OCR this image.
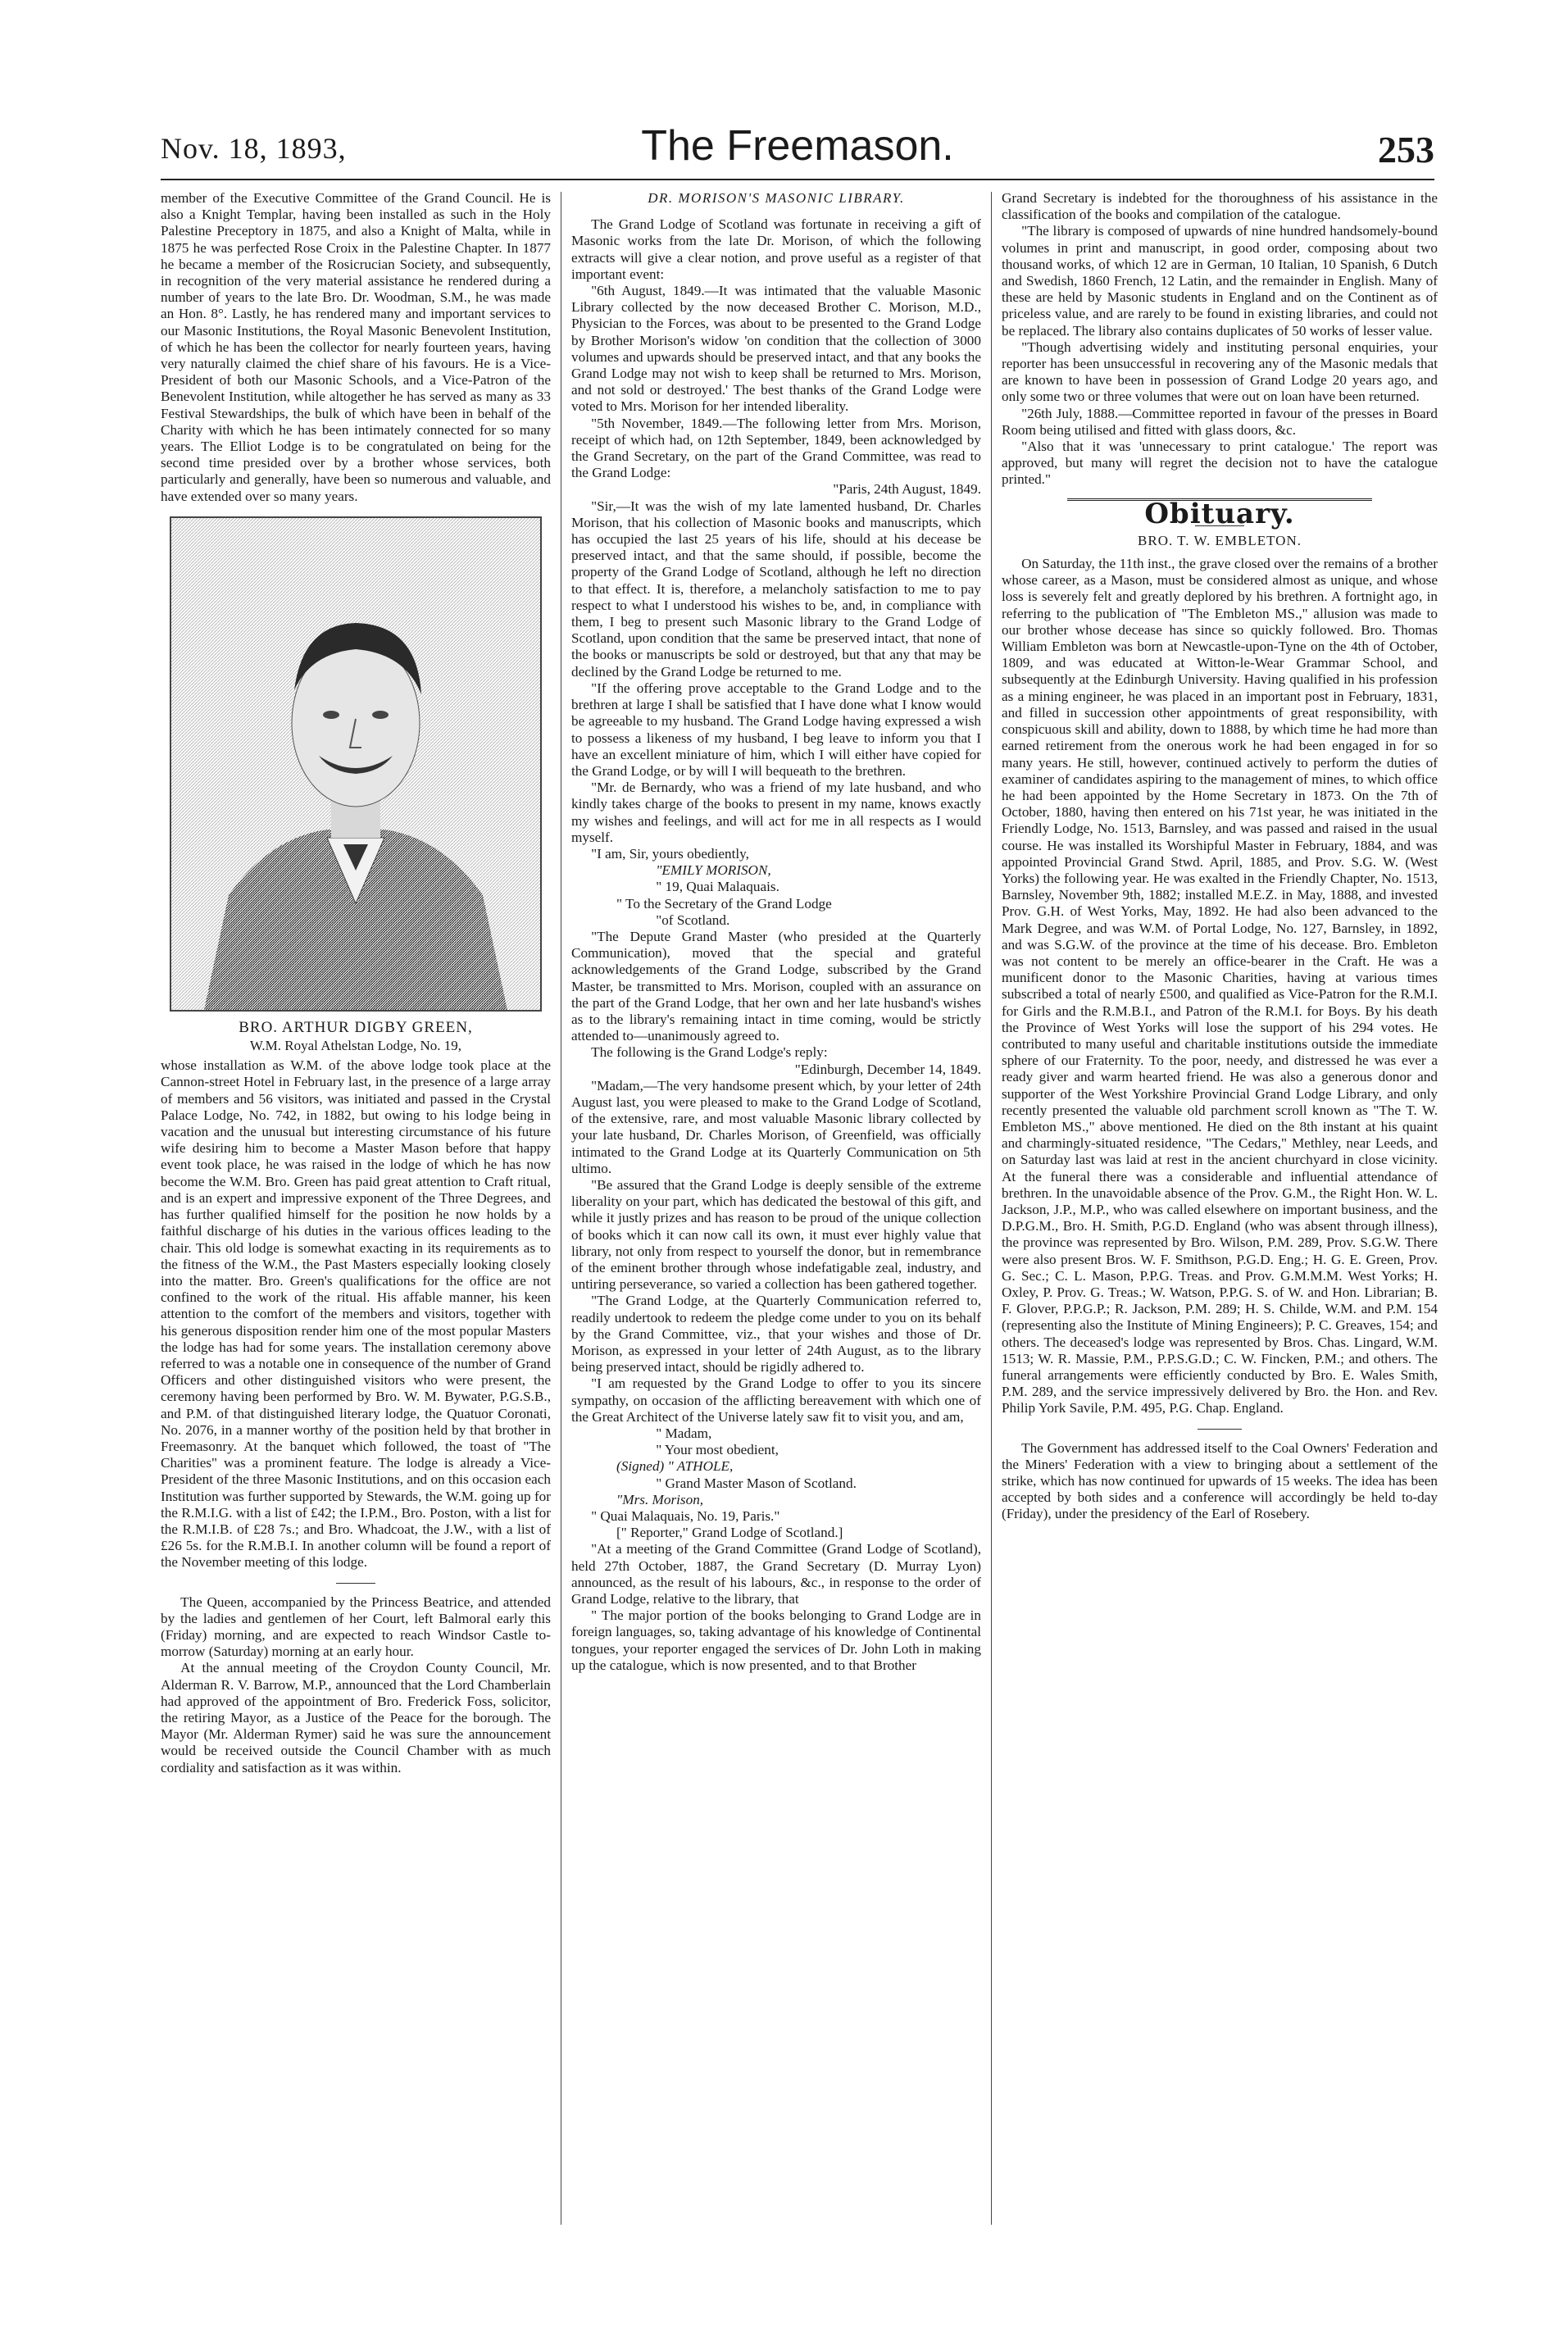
Nov. 18, 1893,	The Freemason.	253

member of the Executive Committee of the Grand Council. He is also a Knight Templar, having been installed as such in the Holy Palestine Preceptory in 1875, and also a Knight of Malta, while in 1875 he was perfected Rose Croix in the Palestine Chapter. In 1877 he became a member of the Rosicrucian Society, and subsequently, in recognition of the very material assistance he rendered during a number of years to the late Bro. Dr. Woodman, S.M., he was made an Hon. 8°. Lastly, he has rendered many and important services to our Masonic Institutions, the Royal Masonic Benevolent Institution, of which he has been the collector for nearly fourteen years, having very naturally claimed the chief share of his favours. He is a Vice-President of both our Masonic Schools, and a Vice-Patron of the Benevolent Institution, while altogether he has served as many as 33 Festival Stewardships, the bulk of which have been in behalf of the Charity with which he has been intimately connected for so many years. The Elliot Lodge is to be congratulated on being for the second time presided over by a brother whose services, both particularly and generally, have been so numerous and valuable, and have extended over so many years.

BRO. ARTHUR DIGBY GREEN,
W.M. Royal Athelstan Lodge, No. 19,

whose installation as W.M. of the above lodge took place at the Cannon-street Hotel in February last, in the presence of a large array of members and 56 visitors, was initiated and passed in the Crystal Palace Lodge, No. 742, in 1882, but owing to his lodge being in vacation and the unusual but interesting circumstance of his future wife desiring him to become a Master Mason before that happy event took place, he was raised in the lodge of which he has now become the W.M. Bro. Green has paid great attention to Craft ritual, and is an expert and impressive exponent of the Three Degrees, and has further qualified himself for the position he now holds by a faithful discharge of his duties in the various offices leading to the chair. This old lodge is somewhat exacting in its requirements as to the fitness of the W.M., the Past Masters especially looking closely into the matter. Bro. Green's qualifications for the office are not confined to the work of the ritual. His affable manner, his keen attention to the comfort of the members and visitors, together with his generous disposition render him one of the most popular Masters the lodge has had for some years. The installation ceremony above referred to was a notable one in consequence of the number of Grand Officers and other distinguished visitors who were present, the ceremony having been performed by Bro. W. M. Bywater, P.G.S.B., and P.M. of that distinguished literary lodge, the Quatuor Coronati, No. 2076, in a manner worthy of the position held by that brother in Freemasonry. At the banquet which followed, the toast of "The Charities" was a prominent feature. The lodge is already a Vice-President of the three Masonic Institutions, and on this occasion each Institution was further supported by Stewards, the W.M. going up for the R.M.I.G. with a list of £42; the I.P.M., Bro. Poston, with a list for the R.M.I.B. of £28 7s.; and Bro. Whadcoat, the J.W., with a list of £26 5s. for the R.M.B.I. In another column will be found a report of the November meeting of this lodge.

The Queen, accompanied by the Princess Beatrice, and attended by the ladies and gentlemen of her Court, left Balmoral early this (Friday) morning, and are expected to reach Windsor Castle to-morrow (Saturday) morning at an early hour.

At the annual meeting of the Croydon County Council, Mr. Alderman R. V. Barrow, M.P., announced that the Lord Chamberlain had approved of the appointment of Bro. Frederick Foss, solicitor, the retiring Mayor, as a Justice of the Peace for the borough. The Mayor (Mr. Alderman Rymer) said he was sure the announcement would be received outside the Council Chamber with as much cordiality and satisfaction as it was within.

DR. MORISON'S MASONIC LIBRARY.

The Grand Lodge of Scotland was fortunate in receiving a gift of Masonic works from the late Dr. Morison, of which the following extracts will give a clear notion, and prove useful as a register of that important event:

"6th August, 1849.—It was intimated that the valuable Masonic Library collected by the now deceased Brother C. Morison, M.D., Physician to the Forces, was about to be presented to the Grand Lodge by Brother Morison's widow 'on condition that the collection of 3000 volumes and upwards should be preserved intact, and that any books the Grand Lodge may not wish to keep shall be returned to Mrs. Morison, and not sold or destroyed.' The best thanks of the Grand Lodge were voted to Mrs. Morison for her intended liberality.

"5th November, 1849.—The following letter from Mrs. Morison, receipt of which had, on 12th September, 1849, been acknowledged by the Grand Secretary, on the part of the Grand Committee, was read to the Grand Lodge:

"Paris, 24th August, 1849.

"Sir,—It was the wish of my late lamented husband, Dr. Charles Morison, that his collection of Masonic books and manuscripts, which has occupied the last 25 years of his life, should at his decease be preserved intact, and that the same should, if possible, become the property of the Grand Lodge of Scotland, although he left no direction to that effect. It is, therefore, a melancholy satisfaction to me to pay respect to what I understood his wishes to be, and, in compliance with them, I beg to present such Masonic library to the Grand Lodge of Scotland, upon condition that the same be preserved intact, that none of the books or manuscripts be sold or destroyed, but that any that may be declined by the Grand Lodge be returned to me.

"If the offering prove acceptable to the Grand Lodge and to the brethren at large I shall be satisfied that I have done what I know would be agreeable to my husband. The Grand Lodge having expressed a wish to possess a likeness of my husband, I beg leave to inform you that I have an excellent miniature of him, which I will either have copied for the Grand Lodge, or by will I will bequeath to the brethren.

"Mr. de Bernardy, who was a friend of my late husband, and who kindly takes charge of the books to present in my name, knows exactly my wishes and feelings, and will act for me in all respects as I would myself.

"I am, Sir, yours obediently,

"EMILY MORISON,

" 19, Quai Malaquais.

" To the Secretary of the Grand Lodge

"of Scotland.

"The Depute Grand Master (who presided at the Quarterly Communication), moved that the special and grateful acknowledgements of the Grand Lodge, subscribed by the Grand Master, be transmitted to Mrs. Morison, coupled with an assurance on the part of the Grand Lodge, that her own and her late husband's wishes as to the library's remaining intact in time coming, would be strictly attended to—unanimously agreed to.

The following is the Grand Lodge's reply:

"Edinburgh, December 14, 1849.

"Madam,—The very handsome present which, by your letter of 24th August last, you were pleased to make to the Grand Lodge of Scotland, of the extensive, rare, and most valuable Masonic library collected by your late husband, Dr. Charles Morison, of Greenfield, was officially intimated to the Grand Lodge at its Quarterly Communication on 5th ultimo.

"Be assured that the Grand Lodge is deeply sensible of the extreme liberality on your part, which has dedicated the bestowal of this gift, and while it justly prizes and has reason to be proud of the unique collection of books which it can now call its own, it must ever highly value that library, not only from respect to yourself the donor, but in remembrance of the eminent brother through whose indefatigable zeal, industry, and untiring perseverance, so varied a collection has been gathered together.

"The Grand Lodge, at the Quarterly Communication referred to, readily undertook to redeem the pledge come under to you on its behalf by the Grand Committee, viz., that your wishes and those of Dr. Morison, as expressed in your letter of 24th August, as to the library being preserved intact, should be rigidly adhered to.

"I am requested by the Grand Lodge to offer to you its sincere sympathy, on occasion of the afflicting bereavement with which one of the Great Architect of the Universe lately saw fit to visit you, and am,

" Madam,

" Your most obedient,

(Signed) " ATHOLE,

" Grand Master Mason of Scotland.

"Mrs. Morison,

" Quai Malaquais, No. 19, Paris."

[" Reporter," Grand Lodge of Scotland.]

"At a meeting of the Grand Committee (Grand Lodge of Scotland), held 27th October, 1887, the Grand Secretary (D. Murray Lyon) announced, as the result of his labours, &c., in response to the order of Grand Lodge, relative to the library, that

" The major portion of the books belonging to Grand Lodge are in foreign languages, so, taking advantage of his knowledge of Continental tongues, your reporter engaged the services of Dr. John Loth in making up the catalogue, which is now presented, and to that Brother

Grand Secretary is indebted for the thoroughness of his assistance in the classification of the books and compilation of the catalogue.

"The library is composed of upwards of nine hundred handsomely-bound volumes in print and manuscript, in good order, composing about two thousand works, of which 12 are in German, 10 Italian, 10 Spanish, 6 Dutch and Swedish, 1860 French, 12 Latin, and the remainder in English. Many of these are held by Masonic students in England and on the Continent as of priceless value, and are rarely to be found in existing libraries, and could not be replaced. The library also contains duplicates of 50 works of lesser value.

"Though advertising widely and instituting personal enquiries, your reporter has been unsuccessful in recovering any of the Masonic medals that are known to have been in possession of Grand Lodge 20 years ago, and only some two or three volumes that were out on loan have been returned.

"26th July, 1888.—Committee reported in favour of the presses in Board Room being utilised and fitted with glass doors, &c.

"Also that it was 'unnecessary to print catalogue.' The report was approved, but many will regret the decision not to have the catalogue printed."

Obituary.
BRO. T. W. EMBLETON.

On Saturday, the 11th inst., the grave closed over the remains of a brother whose career, as a Mason, must be considered almost as unique, and whose loss is severely felt and greatly deplored by his brethren. A fortnight ago, in referring to the publication of "The Embleton MS.," allusion was made to our brother whose decease has since so quickly followed. Bro. Thomas William Embleton was born at Newcastle-upon-Tyne on the 4th of October, 1809, and was educated at Witton-le-Wear Grammar School, and subsequently at the Edinburgh University. Having qualified in his profession as a mining engineer, he was placed in an important post in February, 1831, and filled in succession other appointments of great responsibility, with conspicuous skill and ability, down to 1888, by which time he had more than earned retirement from the onerous work he had been engaged in for so many years. He still, however, continued actively to perform the duties of examiner of candidates aspiring to the management of mines, to which office he had been appointed by the Home Secretary in 1873. On the 7th of October, 1880, having then entered on his 71st year, he was initiated in the Friendly Lodge, No. 1513, Barnsley, and was passed and raised in the usual course. He was installed its Worshipful Master in February, 1884, and was appointed Provincial Grand Stwd. April, 1885, and Prov. S.G. W. (West Yorks) the following year. He was exalted in the Friendly Chapter, No. 1513, Barnsley, November 9th, 1882; installed M.E.Z. in May, 1888, and invested Prov. G.H. of West Yorks, May, 1892. He had also been advanced to the Mark Degree, and was W.M. of Portal Lodge, No. 127, Barnsley, in 1892, and was S.G.W. of the province at the time of his decease. Bro. Embleton was not content to be merely an office-bearer in the Craft. He was a munificent donor to the Masonic Charities, having at various times subscribed a total of nearly £500, and qualified as Vice-Patron for the R.M.I. for Girls and the R.M.B.I., and Patron of the R.M.I. for Boys. By his death the Province of West Yorks will lose the support of his 294 votes. He contributed to many useful and charitable institutions outside the immediate sphere of our Fraternity. To the poor, needy, and distressed he was ever a ready giver and warm hearted friend. He was also a generous donor and supporter of the West Yorkshire Provincial Grand Lodge Library, and only recently presented the valuable old parchment scroll known as "The T. W. Embleton MS.," above mentioned. He died on the 8th instant at his quaint and charmingly-situated residence, "The Cedars," Methley, near Leeds, and on Saturday last was laid at rest in the ancient churchyard in close vicinity. At the funeral there was a considerable and influential attendance of brethren. In the unavoidable absence of the Prov. G.M., the Right Hon. W. L. Jackson, J.P., M.P., who was called elsewhere on important business, and the D.P.G.M., Bro. H. Smith, P.G.D. England (who was absent through illness), the province was represented by Bro. Wilson, P.M. 289, Prov. S.G.W. There were also present Bros. W. F. Smithson, P.G.D. Eng.; H. G. E. Green, Prov. G. Sec.; C. L. Mason, P.P.G. Treas. and Prov. G.M.M.M. West Yorks; H. Oxley, P. Prov. G. Treas.; W. Watson, P.P.G. S. of W. and Hon. Librarian; B. F. Glover, P.P.G.P.; R. Jackson, P.M. 289; H. S. Childe, W.M. and P.M. 154 (representing also the Institute of Mining Engineers); P. C. Greaves, 154; and others. The deceased's lodge was represented by Bros. Chas. Lingard, W.M. 1513; W. R. Massie, P.M., P.P.S.G.D.; C. W. Fincken, P.M.; and others. The funeral arrangements were efficiently conducted by Bro. E. Wales Smith, P.M. 289, and the service impressively delivered by Bro. the Hon. and Rev. Philip York Savile, P.M. 495, P.G. Chap. England.

The Government has addressed itself to the Coal Owners' Federation and the Miners' Federation with a view to bringing about a settlement of the strike, which has now continued for upwards of 15 weeks. The idea has been accepted by both sides and a conference will accordingly be held to-day (Friday), under the presidency of the Earl of Rosebery.
